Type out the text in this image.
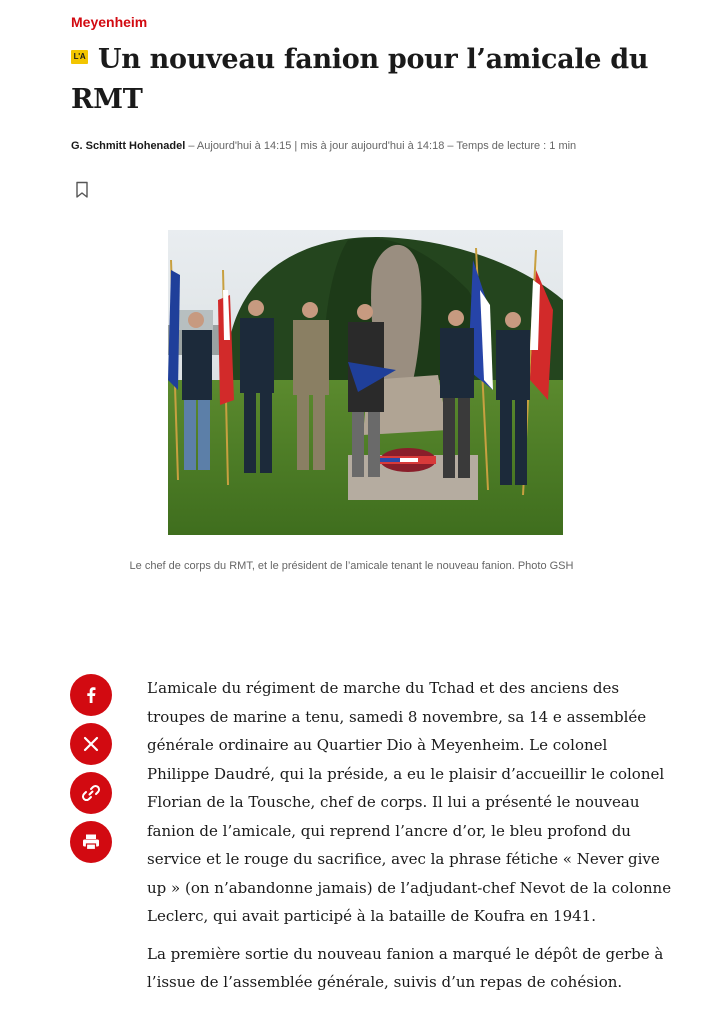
Meyenheim
L'A Un nouveau fanion pour l’amicale du RMT
G. Schmitt Hohenadel – Aujourd'hui à 14:15 | mis à jour aujourd'hui à 14:18 – Temps de lecture : 1 min
Le chef de corps du RMT, et le président de l’amicale tenant le nouveau fanion. Photo GSH

L’amicale du régiment de marche du Tchad et des anciens des troupes de marine a tenu, samedi 8 novembre, sa 14 e assemblée générale ordinaire au Quartier Dio à Meyenheim. Le colonel Philippe Daudré, qui la préside, a eu le plaisir d’accueillir le colonel Florian de la Tousche, chef de corps. Il lui a présenté le nouveau fanion de l’amicale, qui reprend l’ancre d’or, le bleu profond du service et le rouge du sacrifice, avec la phrase fétiche « Never give up » (on n’abandonne jamais) de l’adjudant-chef Nevot de la colonne Leclerc, qui avait participé à la bataille de Koufra en 1941.

La première sortie du nouveau fanion a marqué le dépôt de gerbe à l’issue de l’assemblée générale, suivis d’un repas de cohésion.
